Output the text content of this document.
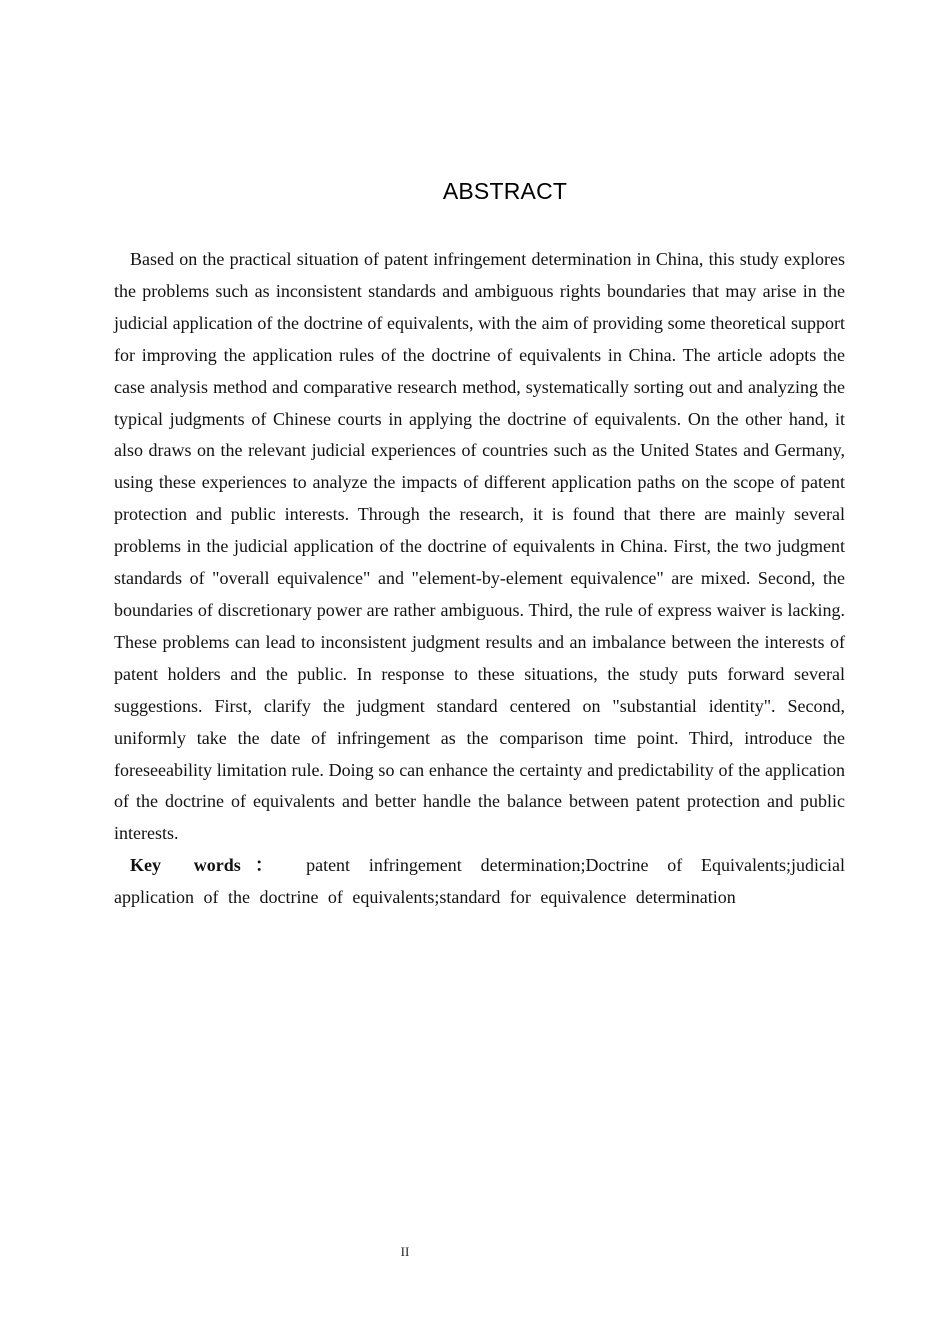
ABSTRACT

Based on the practical situation of patent infringement determination in China, this study explores the problems such as inconsistent standards and ambiguous rights boundaries that may arise in the judicial application of the doctrine of equivalents, with the aim of providing some theoretical support for improving the application rules of the doctrine of equivalents in China. The article adopts the case analysis method and comparative research method, systematically sorting out and analyzing the typical judgments of Chinese courts in applying the doctrine of equivalents. On the other hand, it also draws on the relevant judicial experiences of countries such as the United States and Germany, using these experiences to analyze the impacts of different application paths on the scope of patent protection and public interests. Through the research, it is found that there are mainly several problems in the judicial application of the doctrine of equivalents in China. First, the two judgment standards of "overall equivalence" and "element-by-element equivalence" are mixed. Second, the boundaries of discretionary power are rather ambiguous. Third, the rule of express waiver is lacking. These problems can lead to inconsistent judgment results and an imbalance between the interests of patent holders and the public. In response to these situations, the study puts forward several suggestions. First, clarify the judgment standard centered on "substantial identity". Second, uniformly take the date of infringement as the comparison time point. Third, introduce the foreseeability limitation rule. Doing so can enhance the certainty and predictability of the application of the doctrine of equivalents and better handle the balance between patent protection and public interests.

Key words： patent infringement determination;Doctrine of Equivalents;judicial
application of the doctrine of equivalents;standard for equivalence determination

II
